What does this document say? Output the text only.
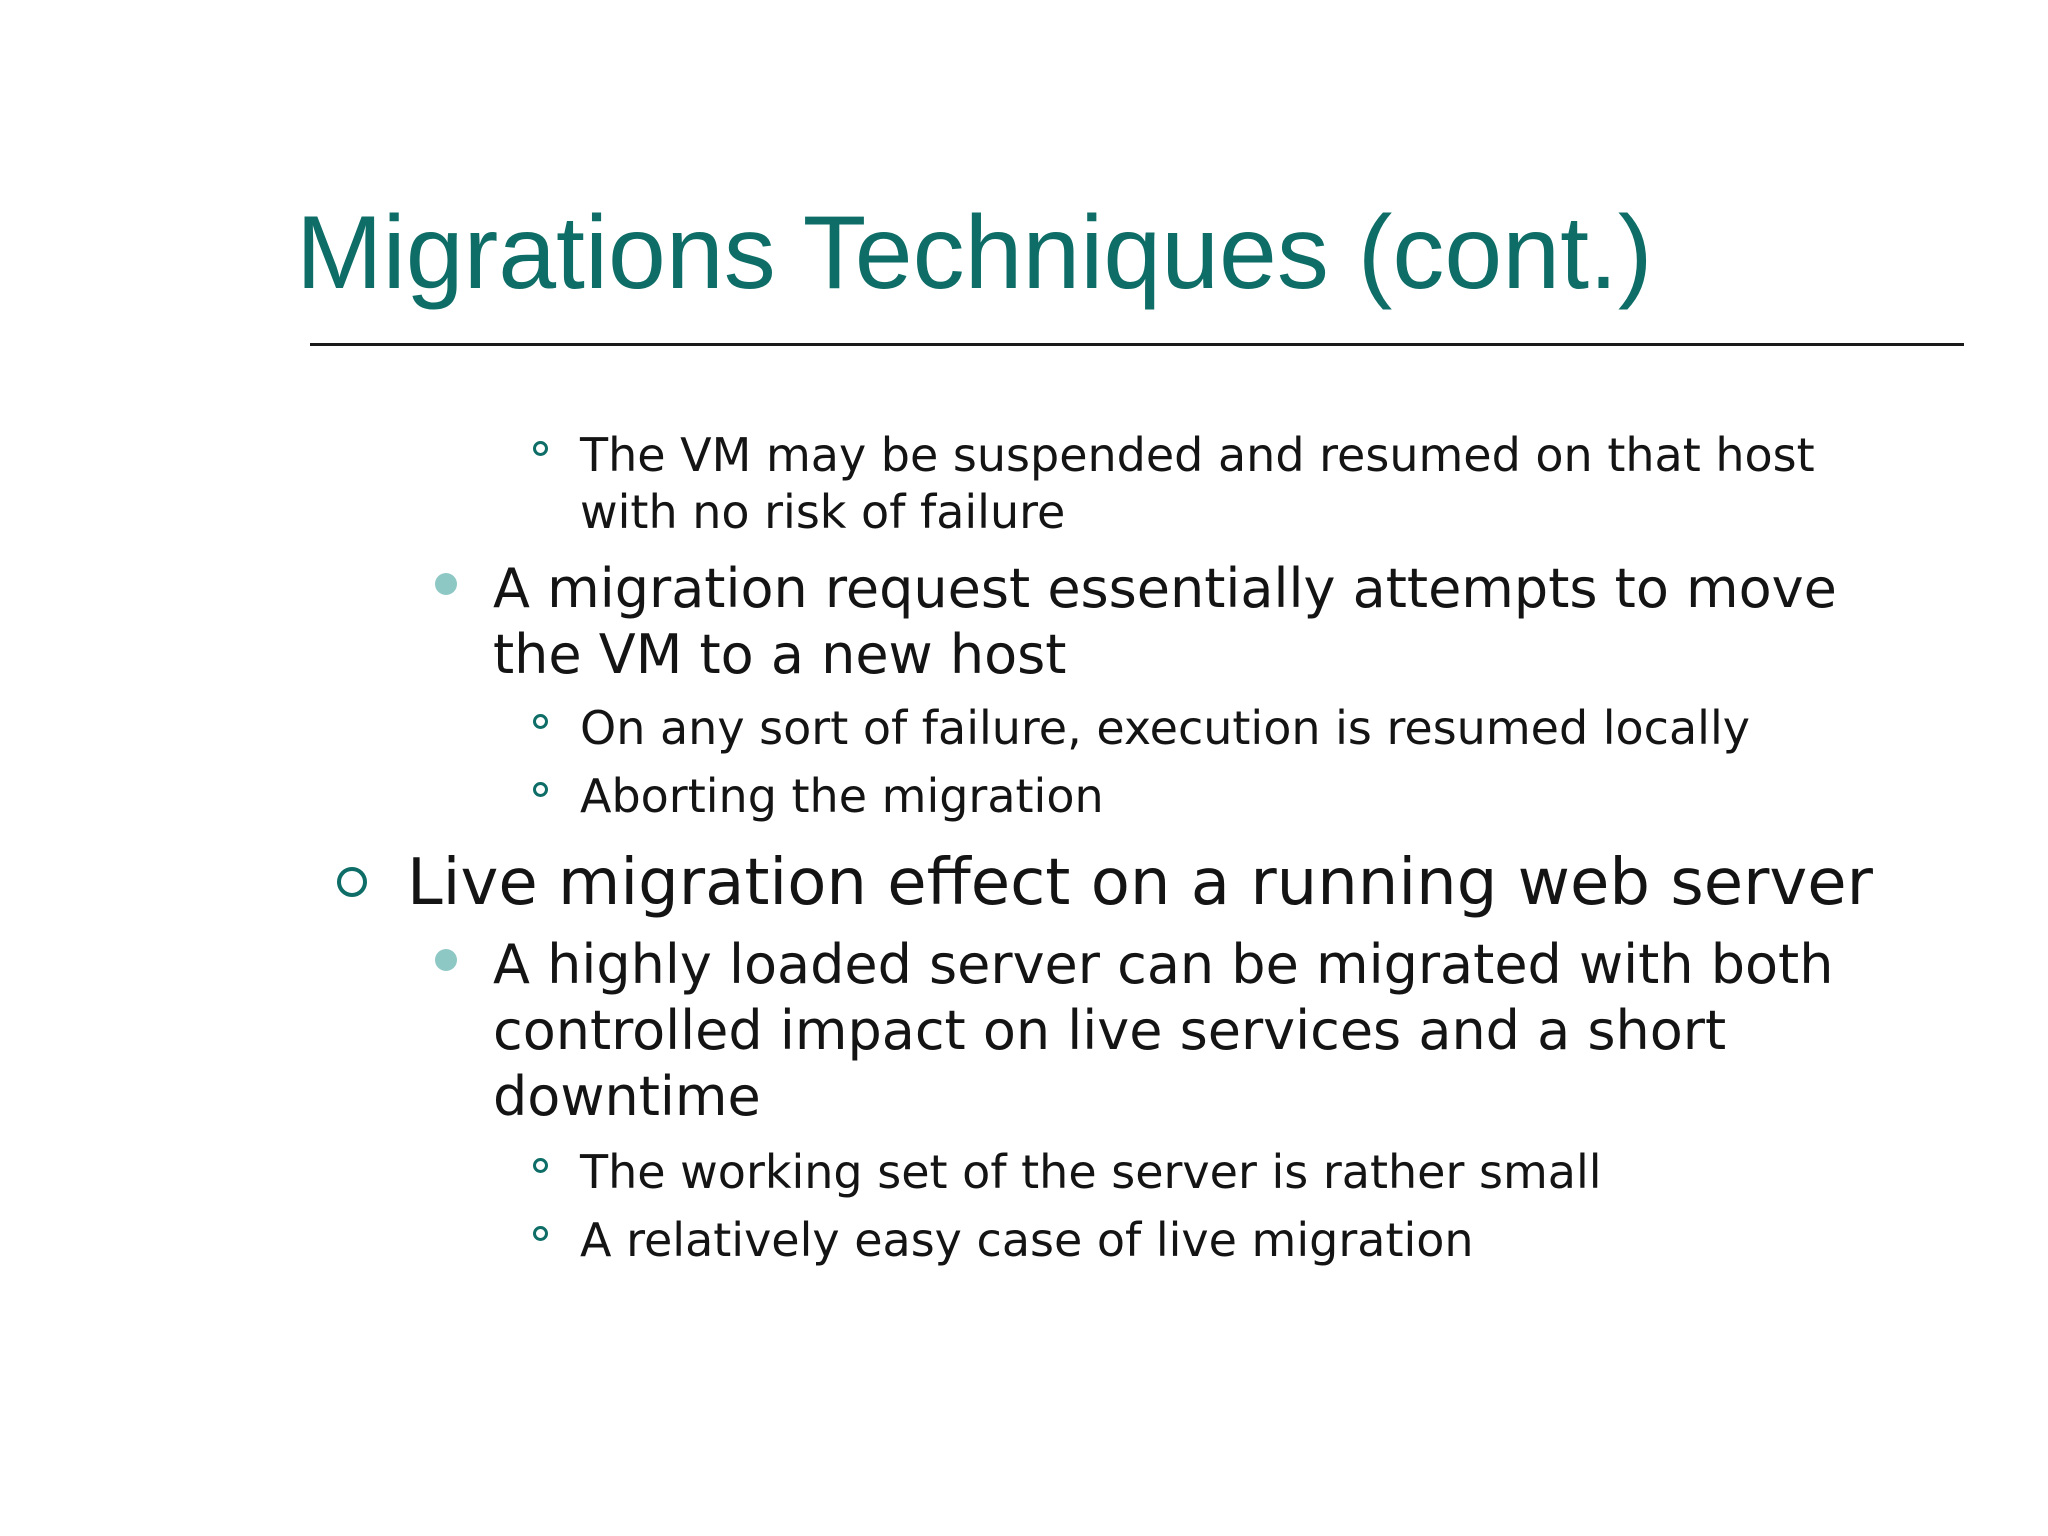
Migrations Techniques (cont.)
The VM may be suspended and resumed on that host with no risk of failure
A migration request essentially attempts to move the VM to a new host
On any sort of failure, execution is resumed locally
Aborting the migration
Live migration effect on a running web server
A highly loaded server can be migrated with both controlled impact on live services and a short downtime
The working set of the server is rather small
A relatively easy case of live migration
